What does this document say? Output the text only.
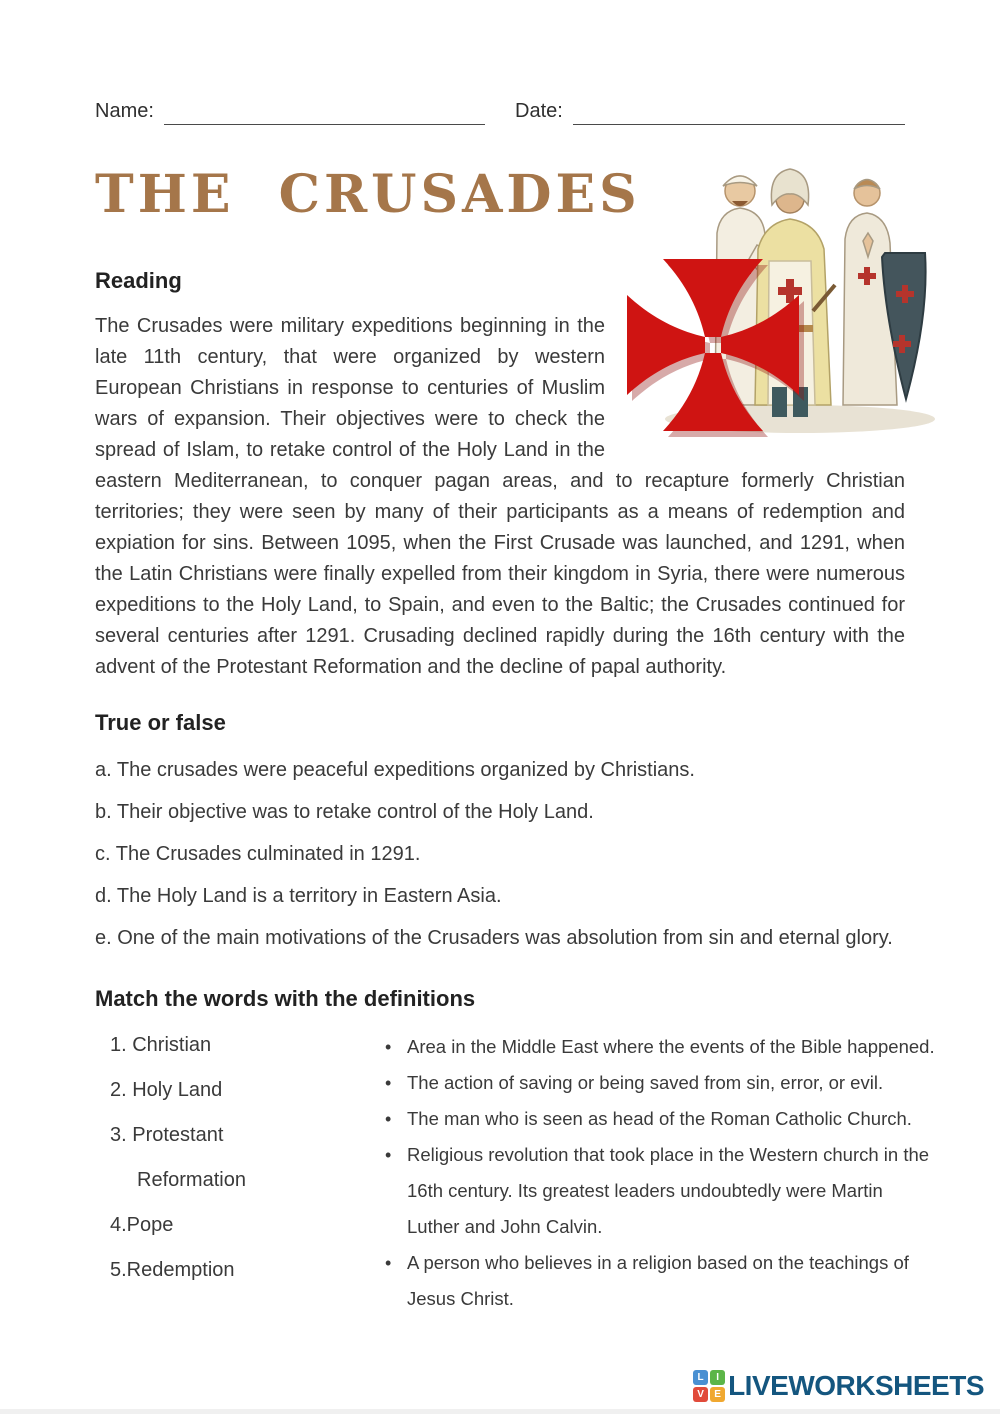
Name:	Date:
THE CRUSADES
Reading

The Crusades were military expeditions beginning in the late 11th century, that were organized by western European Christians in response to centuries of Muslim wars of expansion. Their objectives were to check the spread of Islam, to retake control of the Holy Land in the eastern Mediterranean, to conquer pagan areas, and to recapture formerly Christian territories; they were seen by many of their participants as a means of redemption and expiation for sins. Between 1095, when the First Crusade was launched, and 1291, when the Latin Christians were finally expelled from their kingdom in Syria, there were numerous expeditions to the Holy Land, to Spain, and even to the Baltic; the Crusades continued for several centuries after 1291. Crusading declined rapidly during the 16th century with the advent of the Protestant Reformation and the decline of papal authority.

True or false

a. The crusades were peaceful expeditions organized by Christians.

b. Their objective was to retake control of the Holy Land.

c. The Crusades culminated in 1291.

d. The Holy Land is a territory in Eastern Asia.

e. One of the main motivations of the Crusaders was absolution from sin and eternal glory.

Match the words with the definitions

1. Christian

2. Holy Land

3. Protestant Reformation

4.Pope

5.Redemption

• Area in the Middle East where the events of the Bible happened.
• The action of saving or being saved from sin, error, or evil.
• The man who is seen as head of the Roman Catholic Church.
• Religious revolution that took place in the Western church in the 16th century. Its greatest leaders undoubtedly were Martin Luther and John Calvin.
• A person who believes in a religion based on the teachings of Jesus Christ.
L	I
V	E LIVEWORKSHEETS
